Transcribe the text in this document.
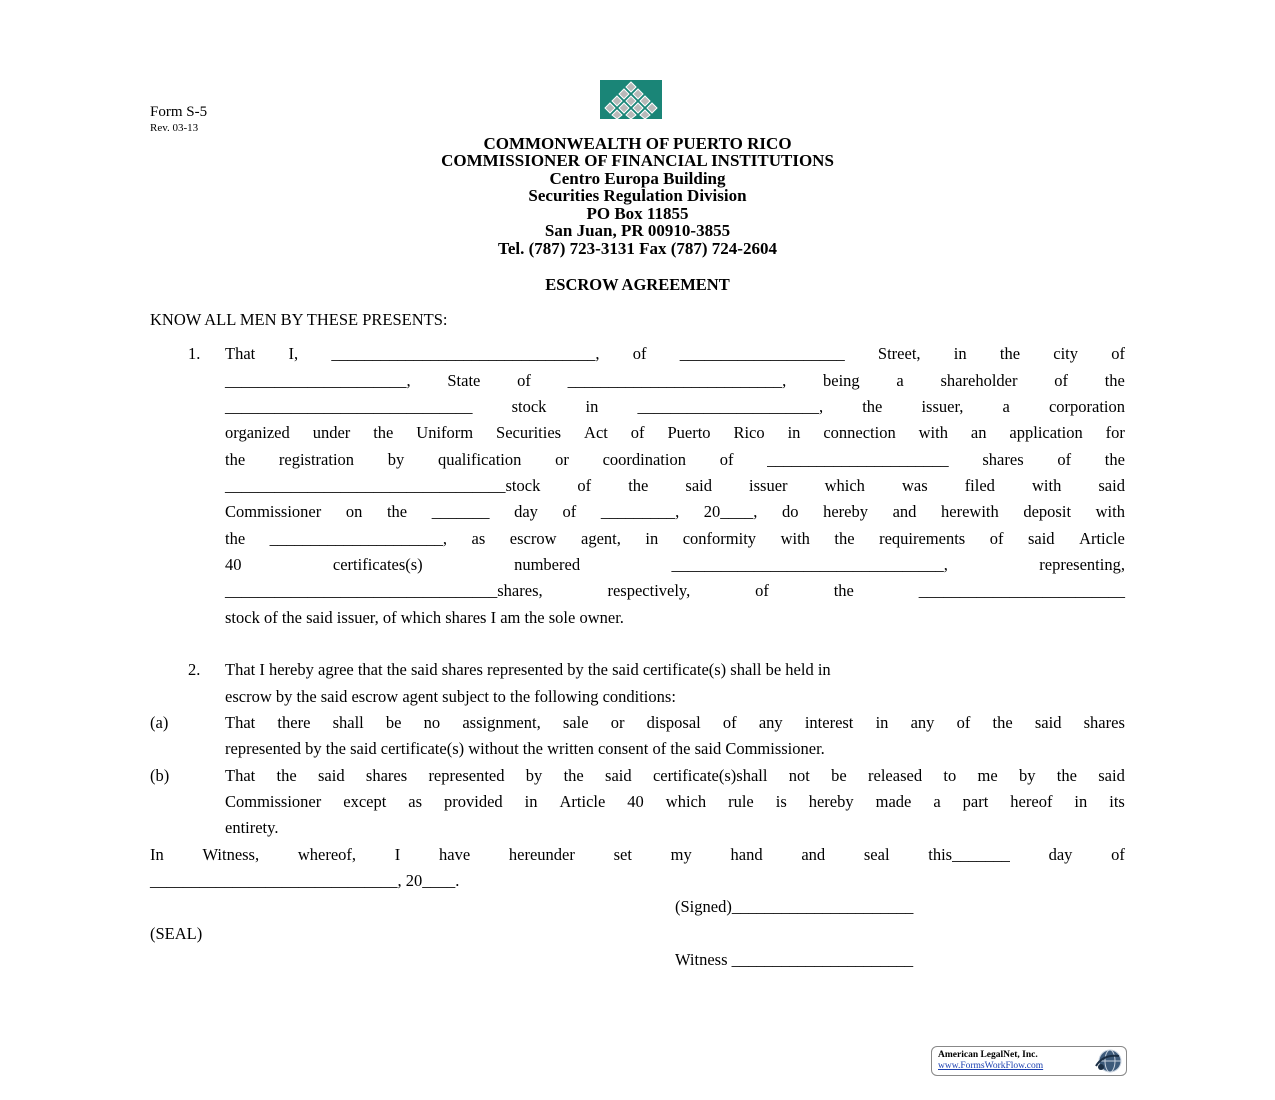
Form S-5
Rev. 03-13
COMMONWEALTH OF PUERTO RICO
COMMISSIONER OF FINANCIAL INSTITUTIONS
Centro Europa Building
Securities Regulation Division
PO Box 11855
San Juan, PR 00910-3855
Tel. (787) 723-3131 Fax (787) 724-2604
ESCROW AGREEMENT
KNOW ALL MEN BY THESE PRESENTS:
1. That I, ________________________________, of ____________________ Street, in the city of
______________________, State of __________________________, being a shareholder of the
______________________________ stock in ______________________, the issuer, a corporation
organized under the Uniform Securities Act of Puerto Rico in connection with an application for
the registration by qualification or coordination of ______________________ shares of the
__________________________________stock of the said issuer which was filed with said
Commissioner on the _______ day of _________, 20____, do hereby and herewith deposit with
the _____________________, as escrow agent, in conformity with the requirements of said Article
40	certificates(s)	numbered	_________________________________,	representing,
_________________________________shares,	respectively,	of	the	_________________________
stock of the said issuer, of which shares I am the sole owner.
2. That I hereby agree that the said shares represented by the said certificate(s) shall be held in
escrow by the said escrow agent subject to the following conditions:
(a)	That there shall be no assignment, sale or disposal of any interest in any of the said shares
represented by the said certificate(s) without the written consent of the said Commissioner.
(b)	That the said shares represented by the said certificate(s)shall not be released to me by the said
Commissioner except as provided in Article 40 which rule is hereby made a part hereof in its
entirety.
In Witness, whereof, I have hereunder set my hand and seal this_______ day of
______________________________, 20____.
(Signed)______________________
(SEAL)
Witness ______________________
American LegalNet, Inc.
www.FormsWorkFlow.com
